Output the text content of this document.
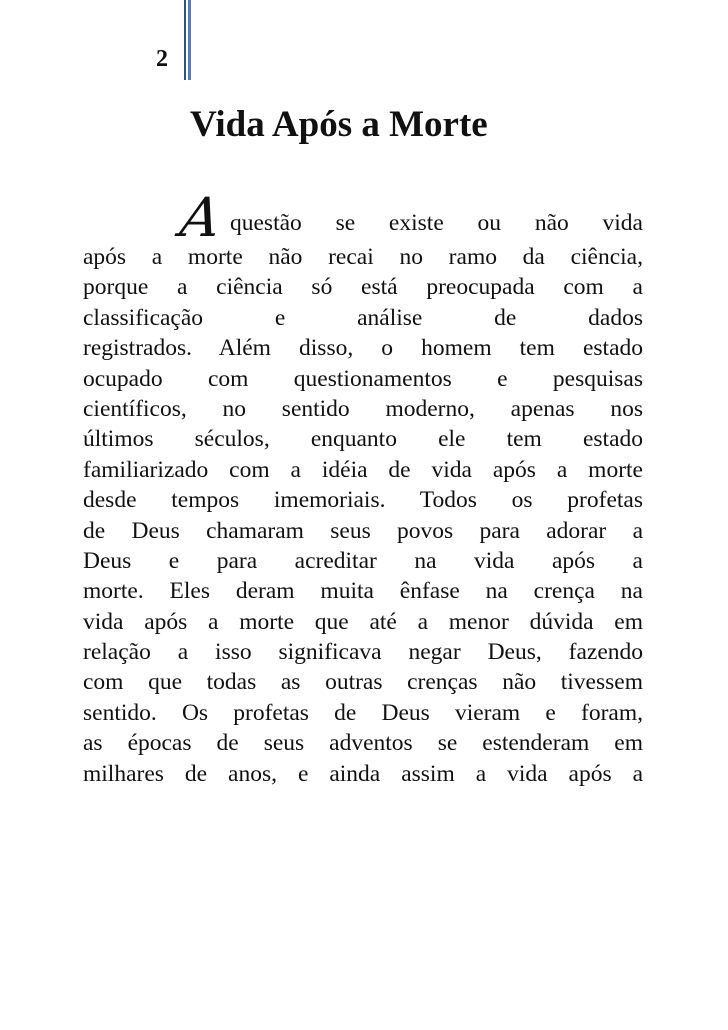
2
Vida Após a Morte
A questão se existe ou não vida
após a morte não recai no ramo da ciência,
porque a ciência só está preocupada com a
classificação e análise de dados
registrados. Além disso, o homem tem estado
ocupado com questionamentos e pesquisas
científicos, no sentido moderno, apenas nos
últimos séculos, enquanto ele tem estado
familiarizado com a idéia de vida após a morte
desde tempos imemoriais. Todos os profetas
de Deus chamaram seus povos para adorar a
Deus e para acreditar na vida após a
morte. Eles deram muita ênfase na crença na
vida após a morte que até a menor dúvida em
relação a isso significava negar Deus, fazendo
com que todas as outras crenças não tivessem
sentido. Os profetas de Deus vieram e foram,
as épocas de seus adventos se estenderam em
milhares de anos, e ainda assim a vida após a
